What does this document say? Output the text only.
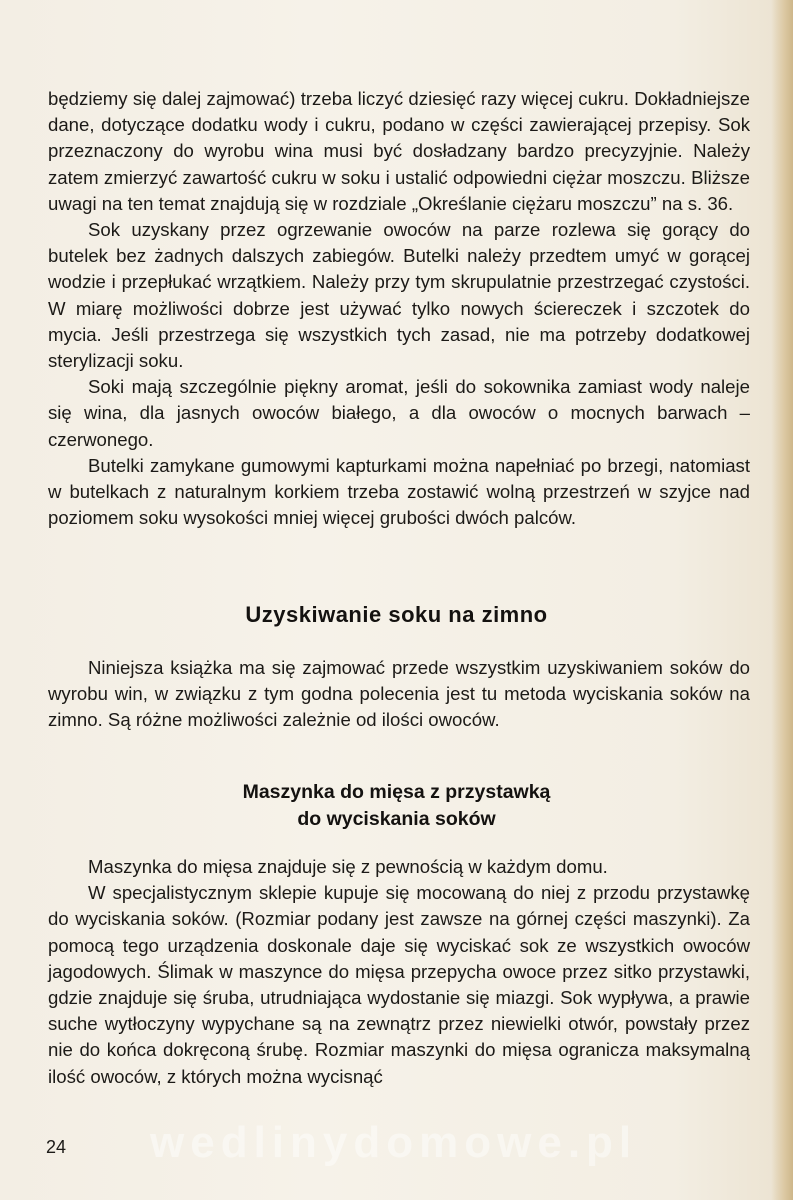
będziemy się dalej zajmować) trzeba liczyć dziesięć razy więcej cukru. Dokładniejsze dane, dotyczące dodatku wody i cukru, podano w części zawierającej przepisy. Sok przeznaczony do wyrobu wina musi być dosładzany bardzo precyzyjnie. Należy zatem zmierzyć zawartość cukru w soku i ustalić odpowiedni ciężar moszczu. Bliższe uwagi na ten temat znajdują się w rozdziale „Określanie ciężaru moszczu” na s. 36.

Sok uzyskany przez ogrzewanie owoców na parze rozlewa się gorący do butelek bez żadnych dalszych zabiegów. Butelki należy przedtem umyć w gorącej wodzie i przepłukać wrzątkiem. Należy przy tym skrupulatnie przestrzegać czystości. W miarę możliwości dobrze jest używać tylko nowych ściereczek i szczotek do mycia. Jeśli przestrzega się wszystkich tych zasad, nie ma potrzeby dodatkowej sterylizacji soku.

Soki mają szczególnie piękny aromat, jeśli do sokownika zamiast wody naleje się wina, dla jasnych owoców białego, a dla owoców o mocnych barwach – czerwonego.

Butelki zamykane gumowymi kapturkami można napełniać po brzegi, natomiast w butelkach z naturalnym korkiem trzeba zostawić wolną przestrzeń w szyjce nad poziomem soku wysokości mniej więcej grubości dwóch palców.

Uzyskiwanie soku na zimno

Niniejsza książka ma się zajmować przede wszystkim uzyskiwaniem soków do wyrobu win, w związku z tym godna polecenia jest tu metoda wyciskania soków na zimno. Są różne możliwości zależnie od ilości owoców.

Maszynka do mięsa z przystawką
do wyciskania soków

Maszynka do mięsa znajduje się z pewnością w każdym domu.

W specjalistycznym sklepie kupuje się mocowaną do niej z przodu przystawkę do wyciskania soków. (Rozmiar podany jest zawsze na górnej części maszynki). Za pomocą tego urządzenia doskonale daje się wyciskać sok ze wszystkich owoców jagodowych. Ślimak w maszynce do mięsa przepycha owoce przez sitko przystawki, gdzie znajduje się śruba, utrudniająca wydostanie się miazgi. Sok wypływa, a prawie suche wytłoczyny wypychane są na zewnątrz przez niewielki otwór, powstały przez nie do końca dokręconą śrubę. Rozmiar maszynki do mięsa ogranicza maksymalną ilość owoców, z których można wycisnąć

wedlinydomowe.pl
24
